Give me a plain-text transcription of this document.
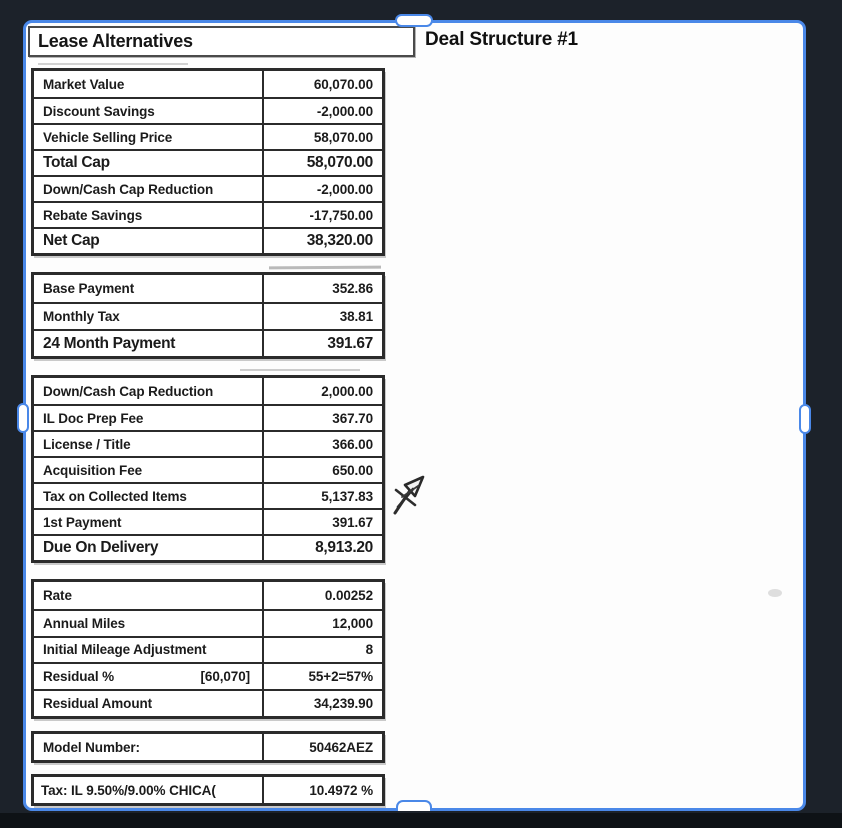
Lease Alternatives	Deal Structure #1
Market Value	60,070.00
Discount Savings	-2,000.00
Vehicle Selling Price	58,070.00
Total Cap	58,070.00
Down/Cash Cap Reduction	-2,000.00
Rebate Savings	-17,750.00
Net Cap	38,320.00
Base Payment	352.86
Monthly Tax	38.81
24 Month Payment	391.67
Down/Cash Cap Reduction	2,000.00
IL Doc Prep Fee	367.70
License / Title	366.00
Acquisition Fee	650.00
Tax on Collected Items	5,137.83
1st Payment	391.67
Due On Delivery	8,913.20
Rate	0.00252
Annual Miles	12,000
Initial Mileage Adjustment	8
Residual %	[60,070]	55+2=57%
Residual Amount	34,239.90
Model Number:	50462AEZ
Tax: IL 9.50%/9.00% CHICA(	10.4972 %
